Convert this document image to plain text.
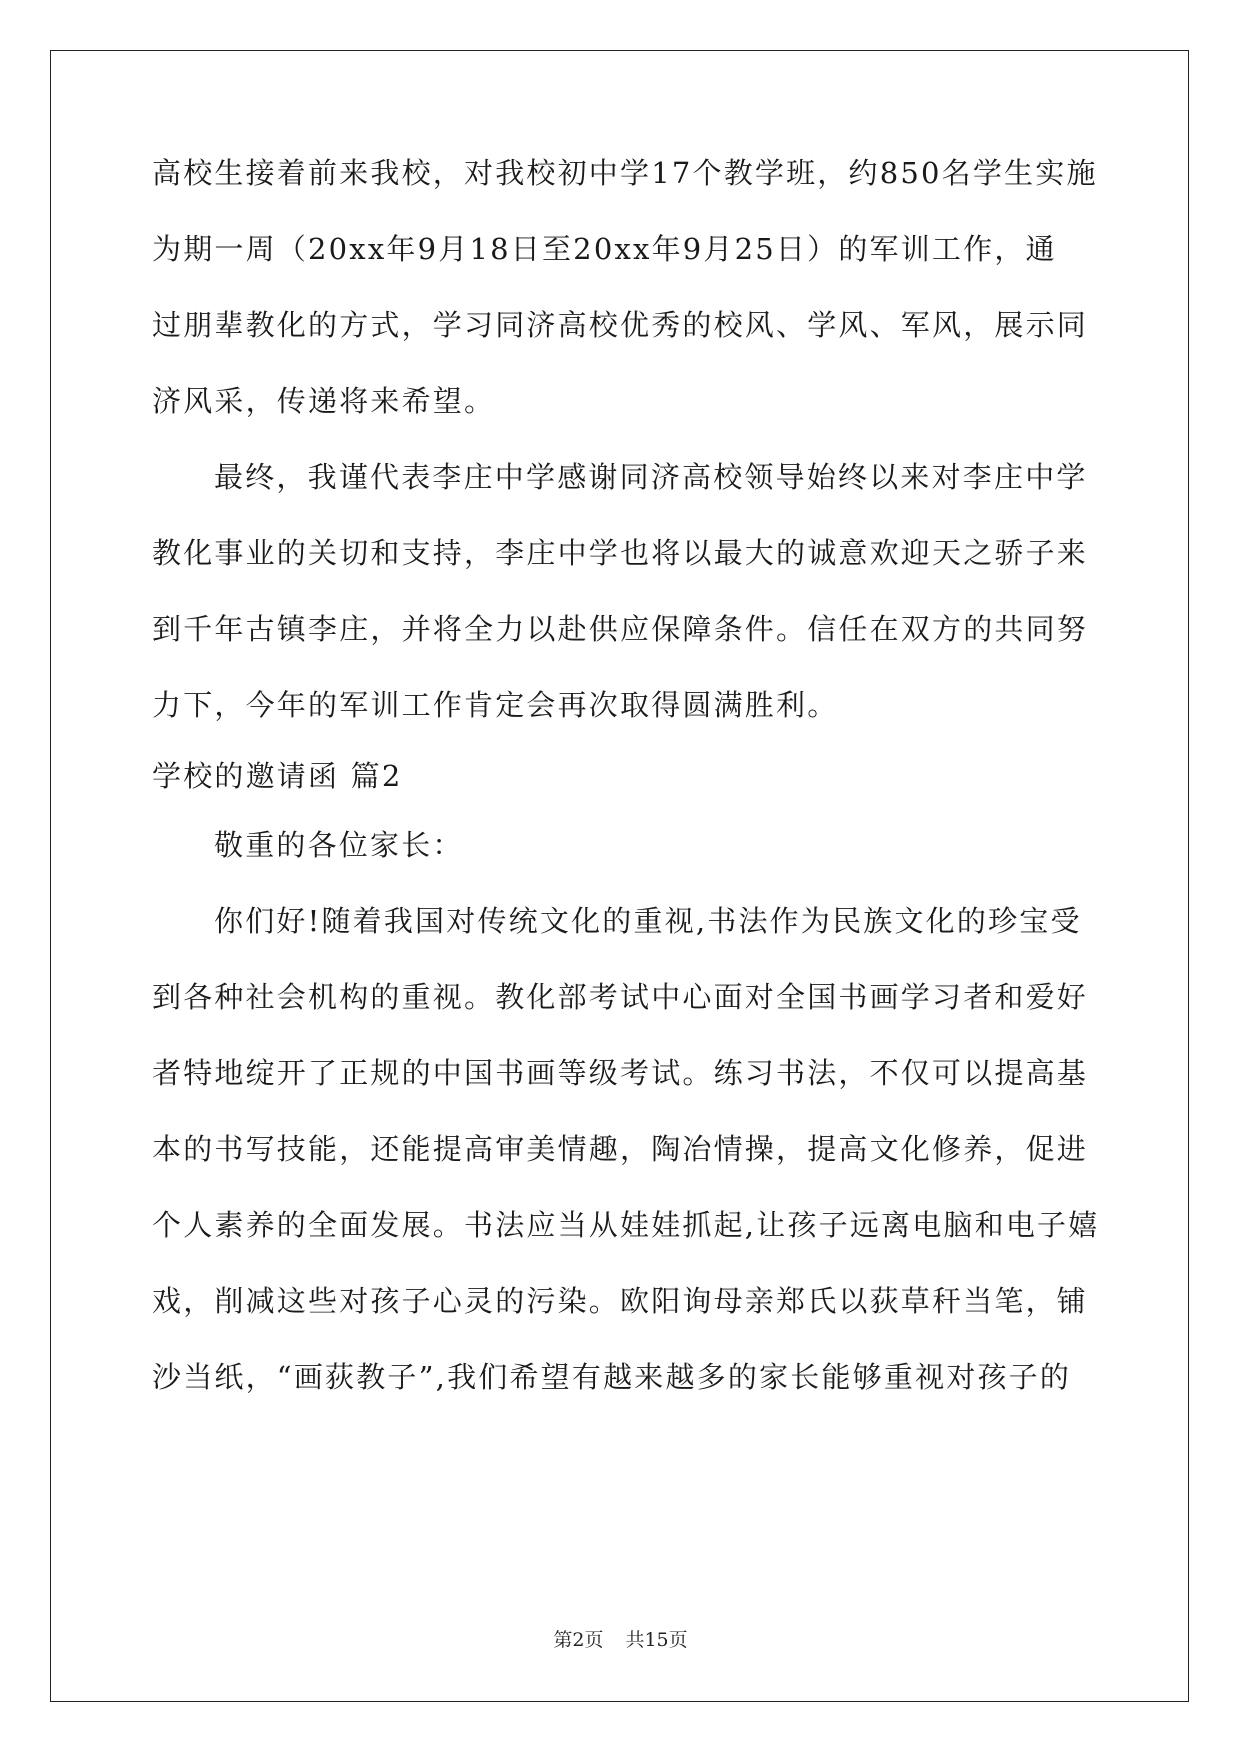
高校生接着前来我校，对我校初中学17个教学班，约850名学生实施
为期一周（20xx年9月18日至20xx年9月25日）的军训工作，通
过朋辈教化的方式，学习同济高校优秀的校风、学风、军风，展示同
济风采，传递将来希望。
最终，我谨代表李庄中学感谢同济高校领导始终以来对李庄中学
教化事业的关切和支持，李庄中学也将以最大的诚意欢迎天之骄子来
到千年古镇李庄，并将全力以赴供应保障条件。信任在双方的共同努
力下，今年的军训工作肯定会再次取得圆满胜利。
学校的邀请函 篇2
敬重的各位家长：
你们好!随着我国对传统文化的重视,书法作为民族文化的珍宝受
到各种社会机构的重视。教化部考试中心面对全国书画学习者和爱好
者特地绽开了正规的中国书画等级考试。练习书法，不仅可以提高基
本的书写技能，还能提高审美情趣，陶冶情操，提高文化修养，促进
个人素养的全面发展。书法应当从娃娃抓起,让孩子远离电脑和电子嬉
戏，削减这些对孩子心灵的污染。欧阳询母亲郑氏以荻草秆当笔，铺
沙当纸，“画荻教子”,我们希望有越来越多的家长能够重视对孩子的
第2页 共15页
